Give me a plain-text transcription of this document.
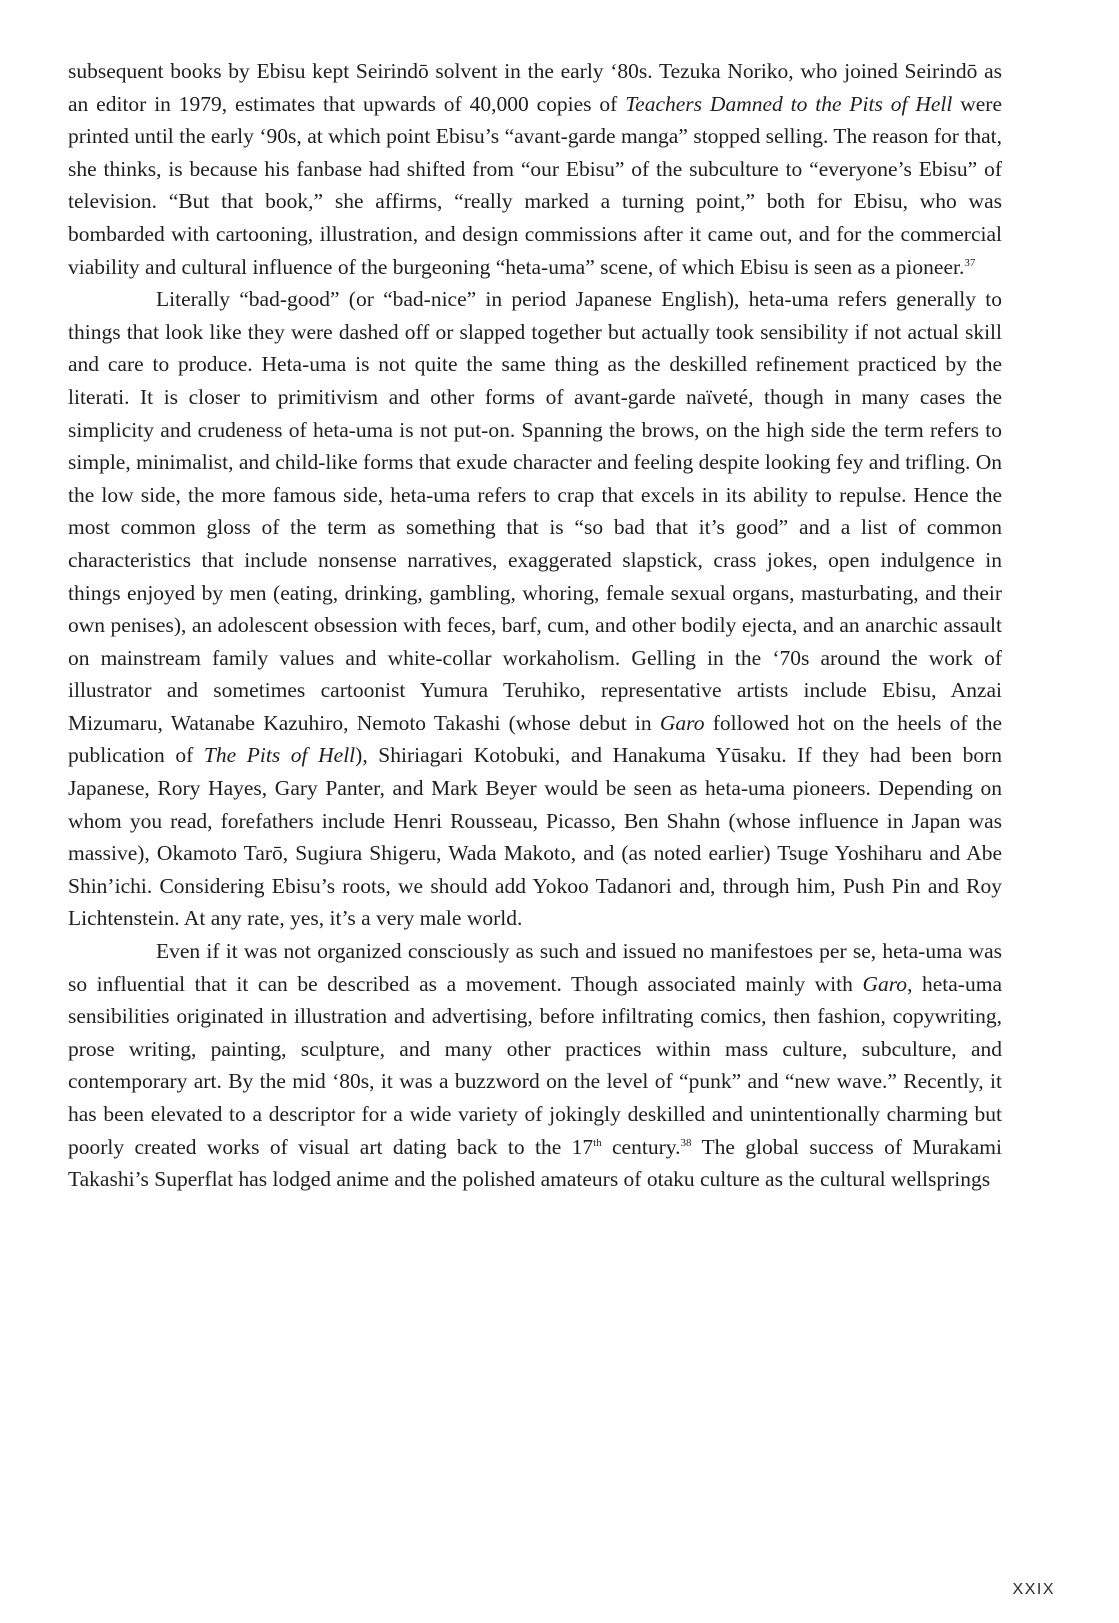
subsequent books by Ebisu kept Seirindō solvent in the early ‘80s. Tezuka Noriko, who joined Seirindō as an editor in 1979, estimates that upwards of 40,000 copies of Teachers Damned to the Pits of Hell were printed until the early ‘90s, at which point Ebisu’s “avant-garde manga” stopped selling. The reason for that, she thinks, is because his fanbase had shifted from “our Ebisu” of the subculture to “everyone’s Ebisu” of television. “But that book,” she affirms, “really marked a turning point,” both for Ebisu, who was bombarded with cartooning, illustration, and design commissions after it came out, and for the commercial viability and cultural influence of the burgeoning “heta-uma” scene, of which Ebisu is seen as a pioneer.$^{37}$

Literally “bad-good” (or “bad-nice” in period Japanese English), heta-uma refers generally to things that look like they were dashed off or slapped together but actually took sensibility if not actual skill and care to produce. Heta-uma is not quite the same thing as the deskilled refinement practiced by the literati. It is closer to primitivism and other forms of avant-garde naïveté, though in many cases the simplicity and crudeness of heta-uma is not put-on. Spanning the brows, on the high side the term refers to simple, minimalist, and child-like forms that exude character and feeling despite looking fey and trifling. On the low side, the more famous side, heta-uma refers to crap that excels in its ability to repulse. Hence the most common gloss of the term as something that is “so bad that it’s good” and a list of common characteristics that include nonsense narratives, exaggerated slapstick, crass jokes, open indulgence in things enjoyed by men (eating, drinking, gambling, whoring, female sexual organs, masturbating, and their own penises), an adolescent obsession with feces, barf, cum, and other bodily ejecta, and an anarchic assault on mainstream family values and white-collar workaholism. Gelling in the ‘70s around the work of illustrator and sometimes cartoonist Yumura Teruhiko, representative artists include Ebisu, Anzai Mizumaru, Watanabe Kazuhiro, Nemoto Takashi (whose debut in Garo followed hot on the heels of the publication of The Pits of Hell), Shiriagari Kotobuki, and Hanakuma Yūsaku. If they had been born Japanese, Rory Hayes, Gary Panter, and Mark Beyer would be seen as heta-uma pioneers. Depending on whom you read, forefathers include Henri Rousseau, Picasso, Ben Shahn (whose influence in Japan was massive), Okamoto Tarō, Sugiura Shigeru, Wada Makoto, and (as noted earlier) Tsuge Yoshiharu and Abe Shin’ichi. Considering Ebisu’s roots, we should add Yokoo Tadanori and, through him, Push Pin and Roy Lichtenstein. At any rate, yes, it’s a very male world.

Even if it was not organized consciously as such and issued no manifestoes per se, heta-uma was so influential that it can be described as a movement. Though associated mainly with Garo, heta-uma sensibilities originated in illustration and advertising, before infiltrating comics, then fashion, copywriting, prose writing, painting, sculpture, and many other practices within mass culture, subculture, and contemporary art. By the mid ‘80s, it was a buzzword on the level of “punk” and “new wave.” Recently, it has been elevated to a descriptor for a wide variety of jokingly deskilled and unintentionally charming but poorly created works of visual art dating back to the 17th century.$^{38}$ The global success of Murakami Takashi’s Superflat has lodged anime and the polished amateurs of otaku culture as the cultural wellsprings

XXIX
